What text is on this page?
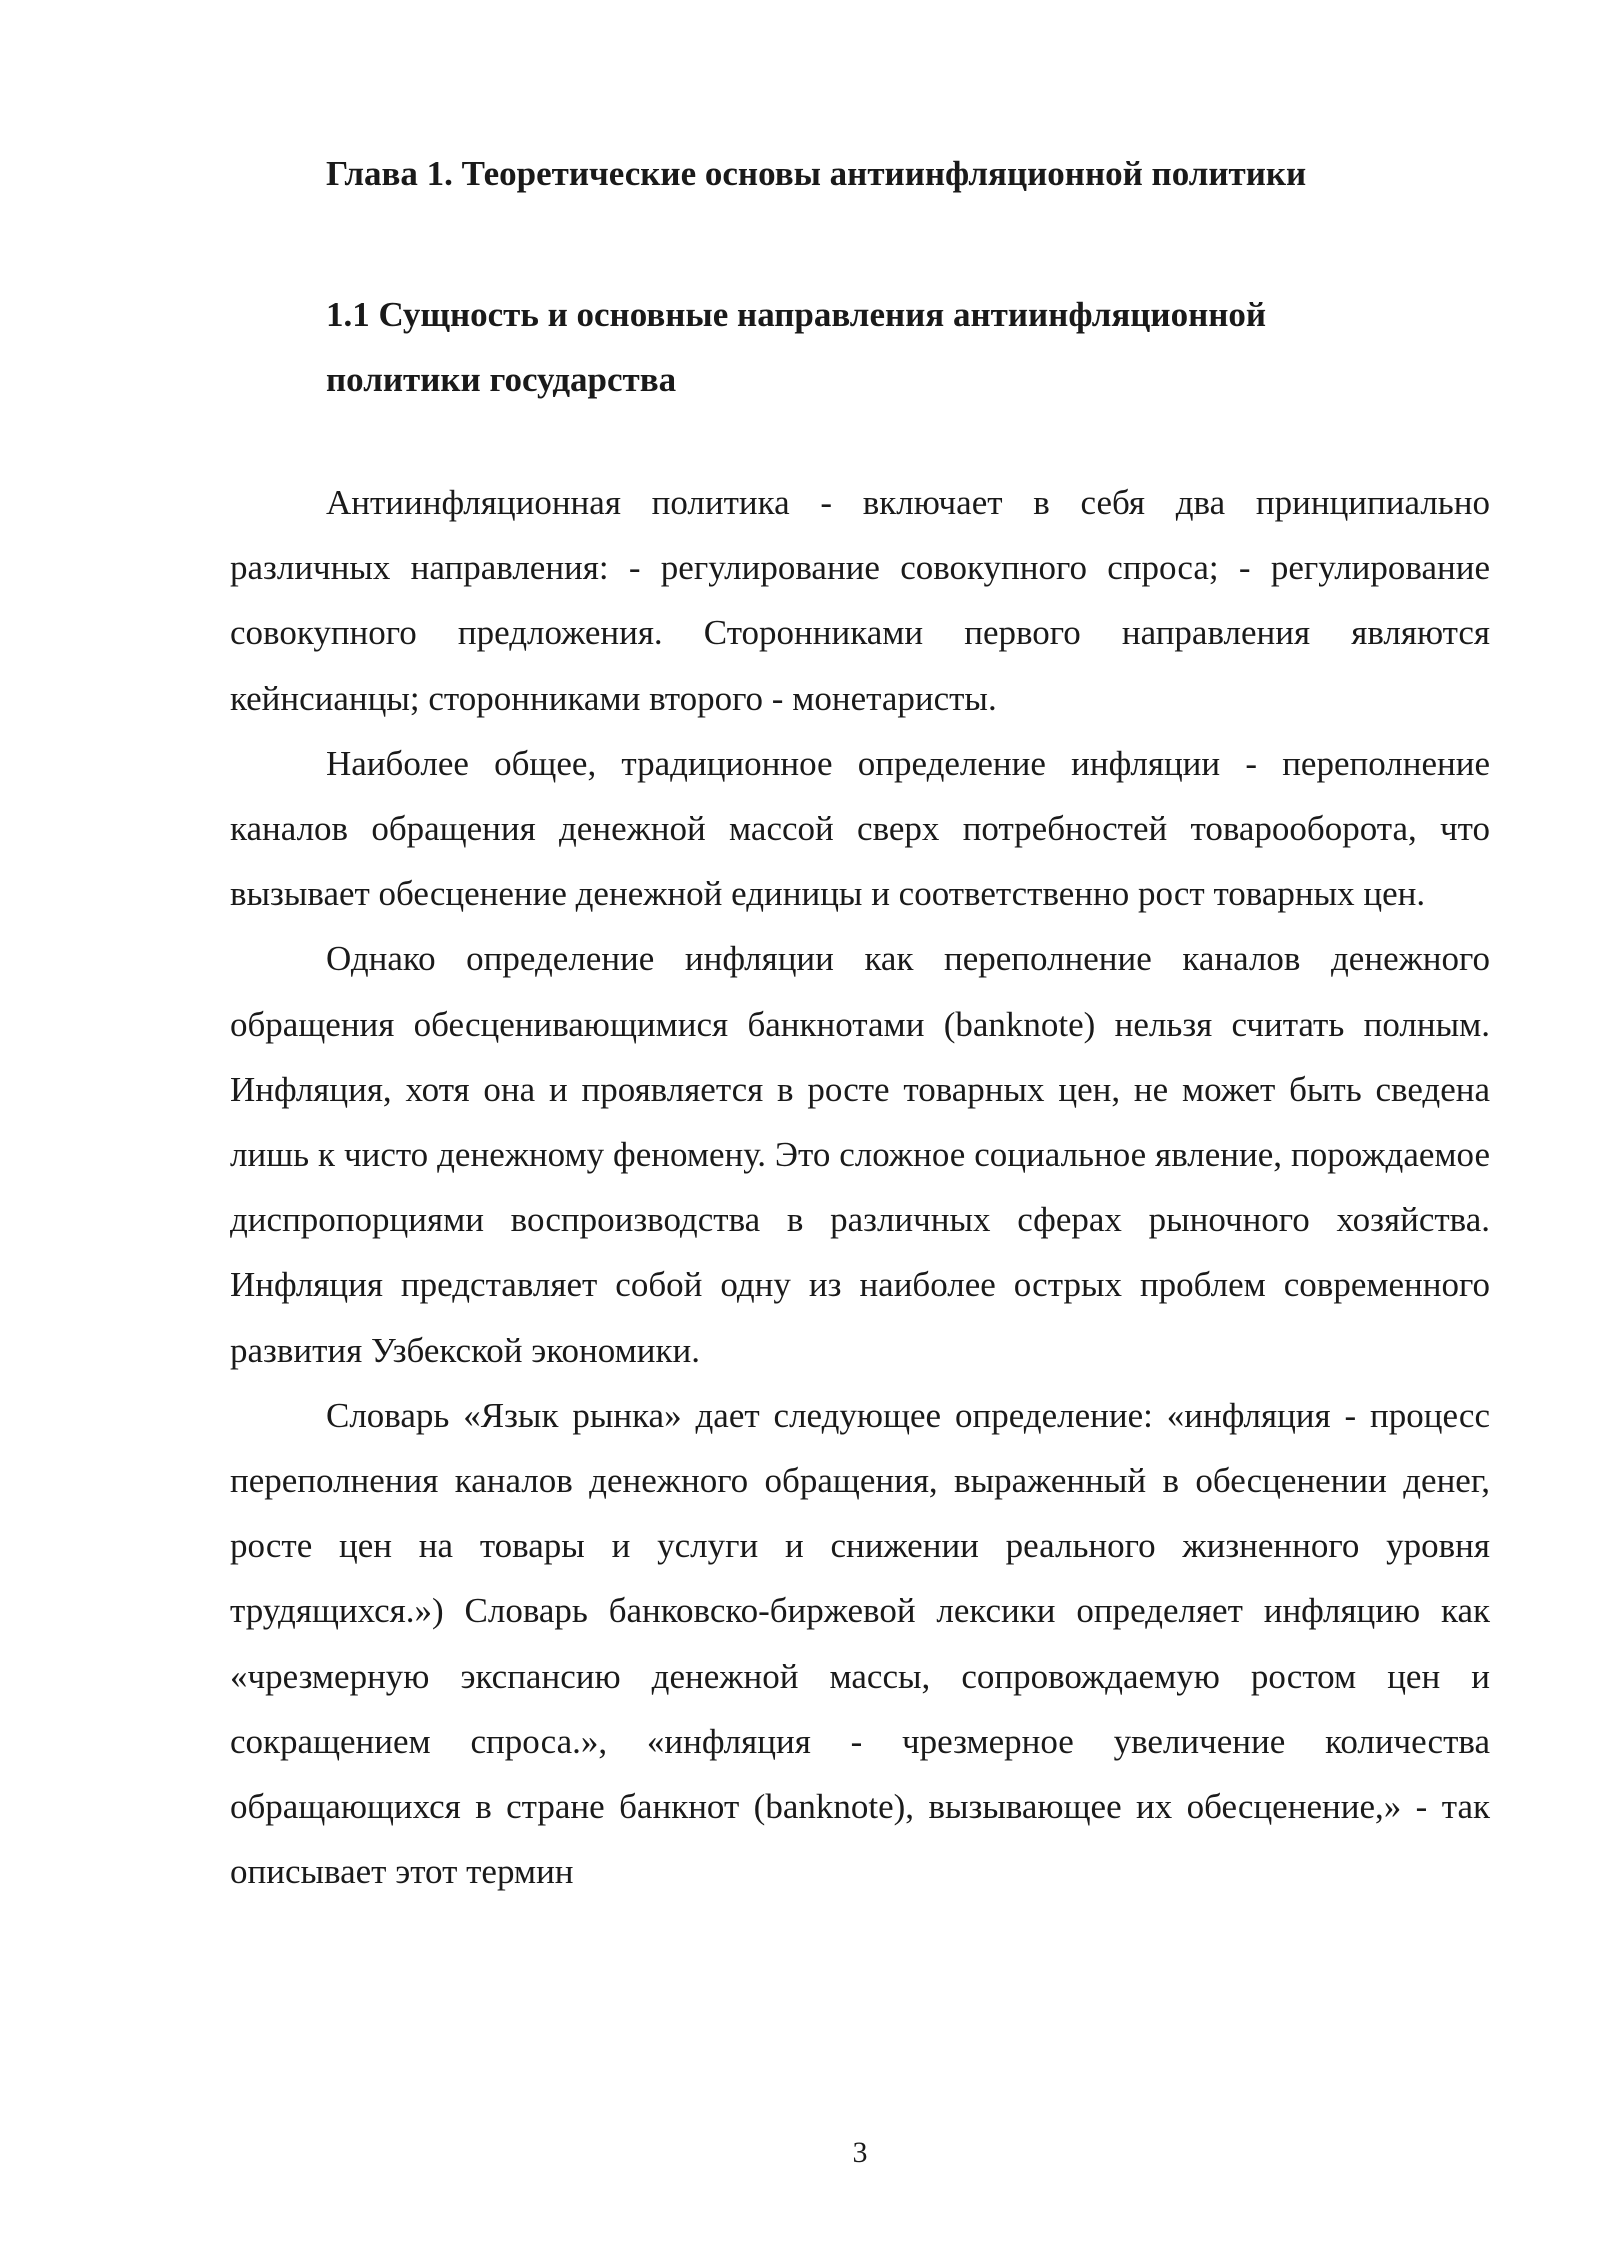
Глава 1. Теоретические основы антиинфляционной политики
1.1 Сущность и основные направления антиинфляционной
политики государства

Антиинфляционная политика - включает в себя два принципиально различных направления: - регулирование совокупного спроса; - регулирование совокупного предложения. Сторонниками первого направления являются кейнсианцы; сторонниками второго - монетаристы.

Наиболее общее, традиционное определение инфляции - переполнение каналов обращения денежной массой сверх потребностей товарооборота, что вызывает обесценение денежной единицы и соответственно рост товарных цен.

Однако определение инфляции как переполнение каналов денежного обращения обесценивающимися банкнотами (banknote) нельзя считать полным. Инфляция, хотя она и проявляется в росте товарных цен, не может быть сведена лишь к чисто денежному феномену. Это сложное социальное явление, порождаемое диспропорциями воспроизводства в различных сферах рыночного хозяйства. Инфляция представляет собой одну из наиболее острых проблем современного развития Узбекской экономики.

Словарь «Язык рынка» дает следующее определение: «инфляция - процесс переполнения каналов денежного обращения, выраженный в обесценении денег, росте цен на товары и услуги и снижении реального жизненного уровня трудящихся.») Словарь банковско-биржевой лексики определяет инфляцию как «чрезмерную экспансию денежной массы, сопровождаемую ростом цен и сокращением спроса.», «инфляция - чрезмерное увеличение количества обращающихся в стране банкнот (banknote), вызывающее их обесценение,» - так описывает этот термин

3
